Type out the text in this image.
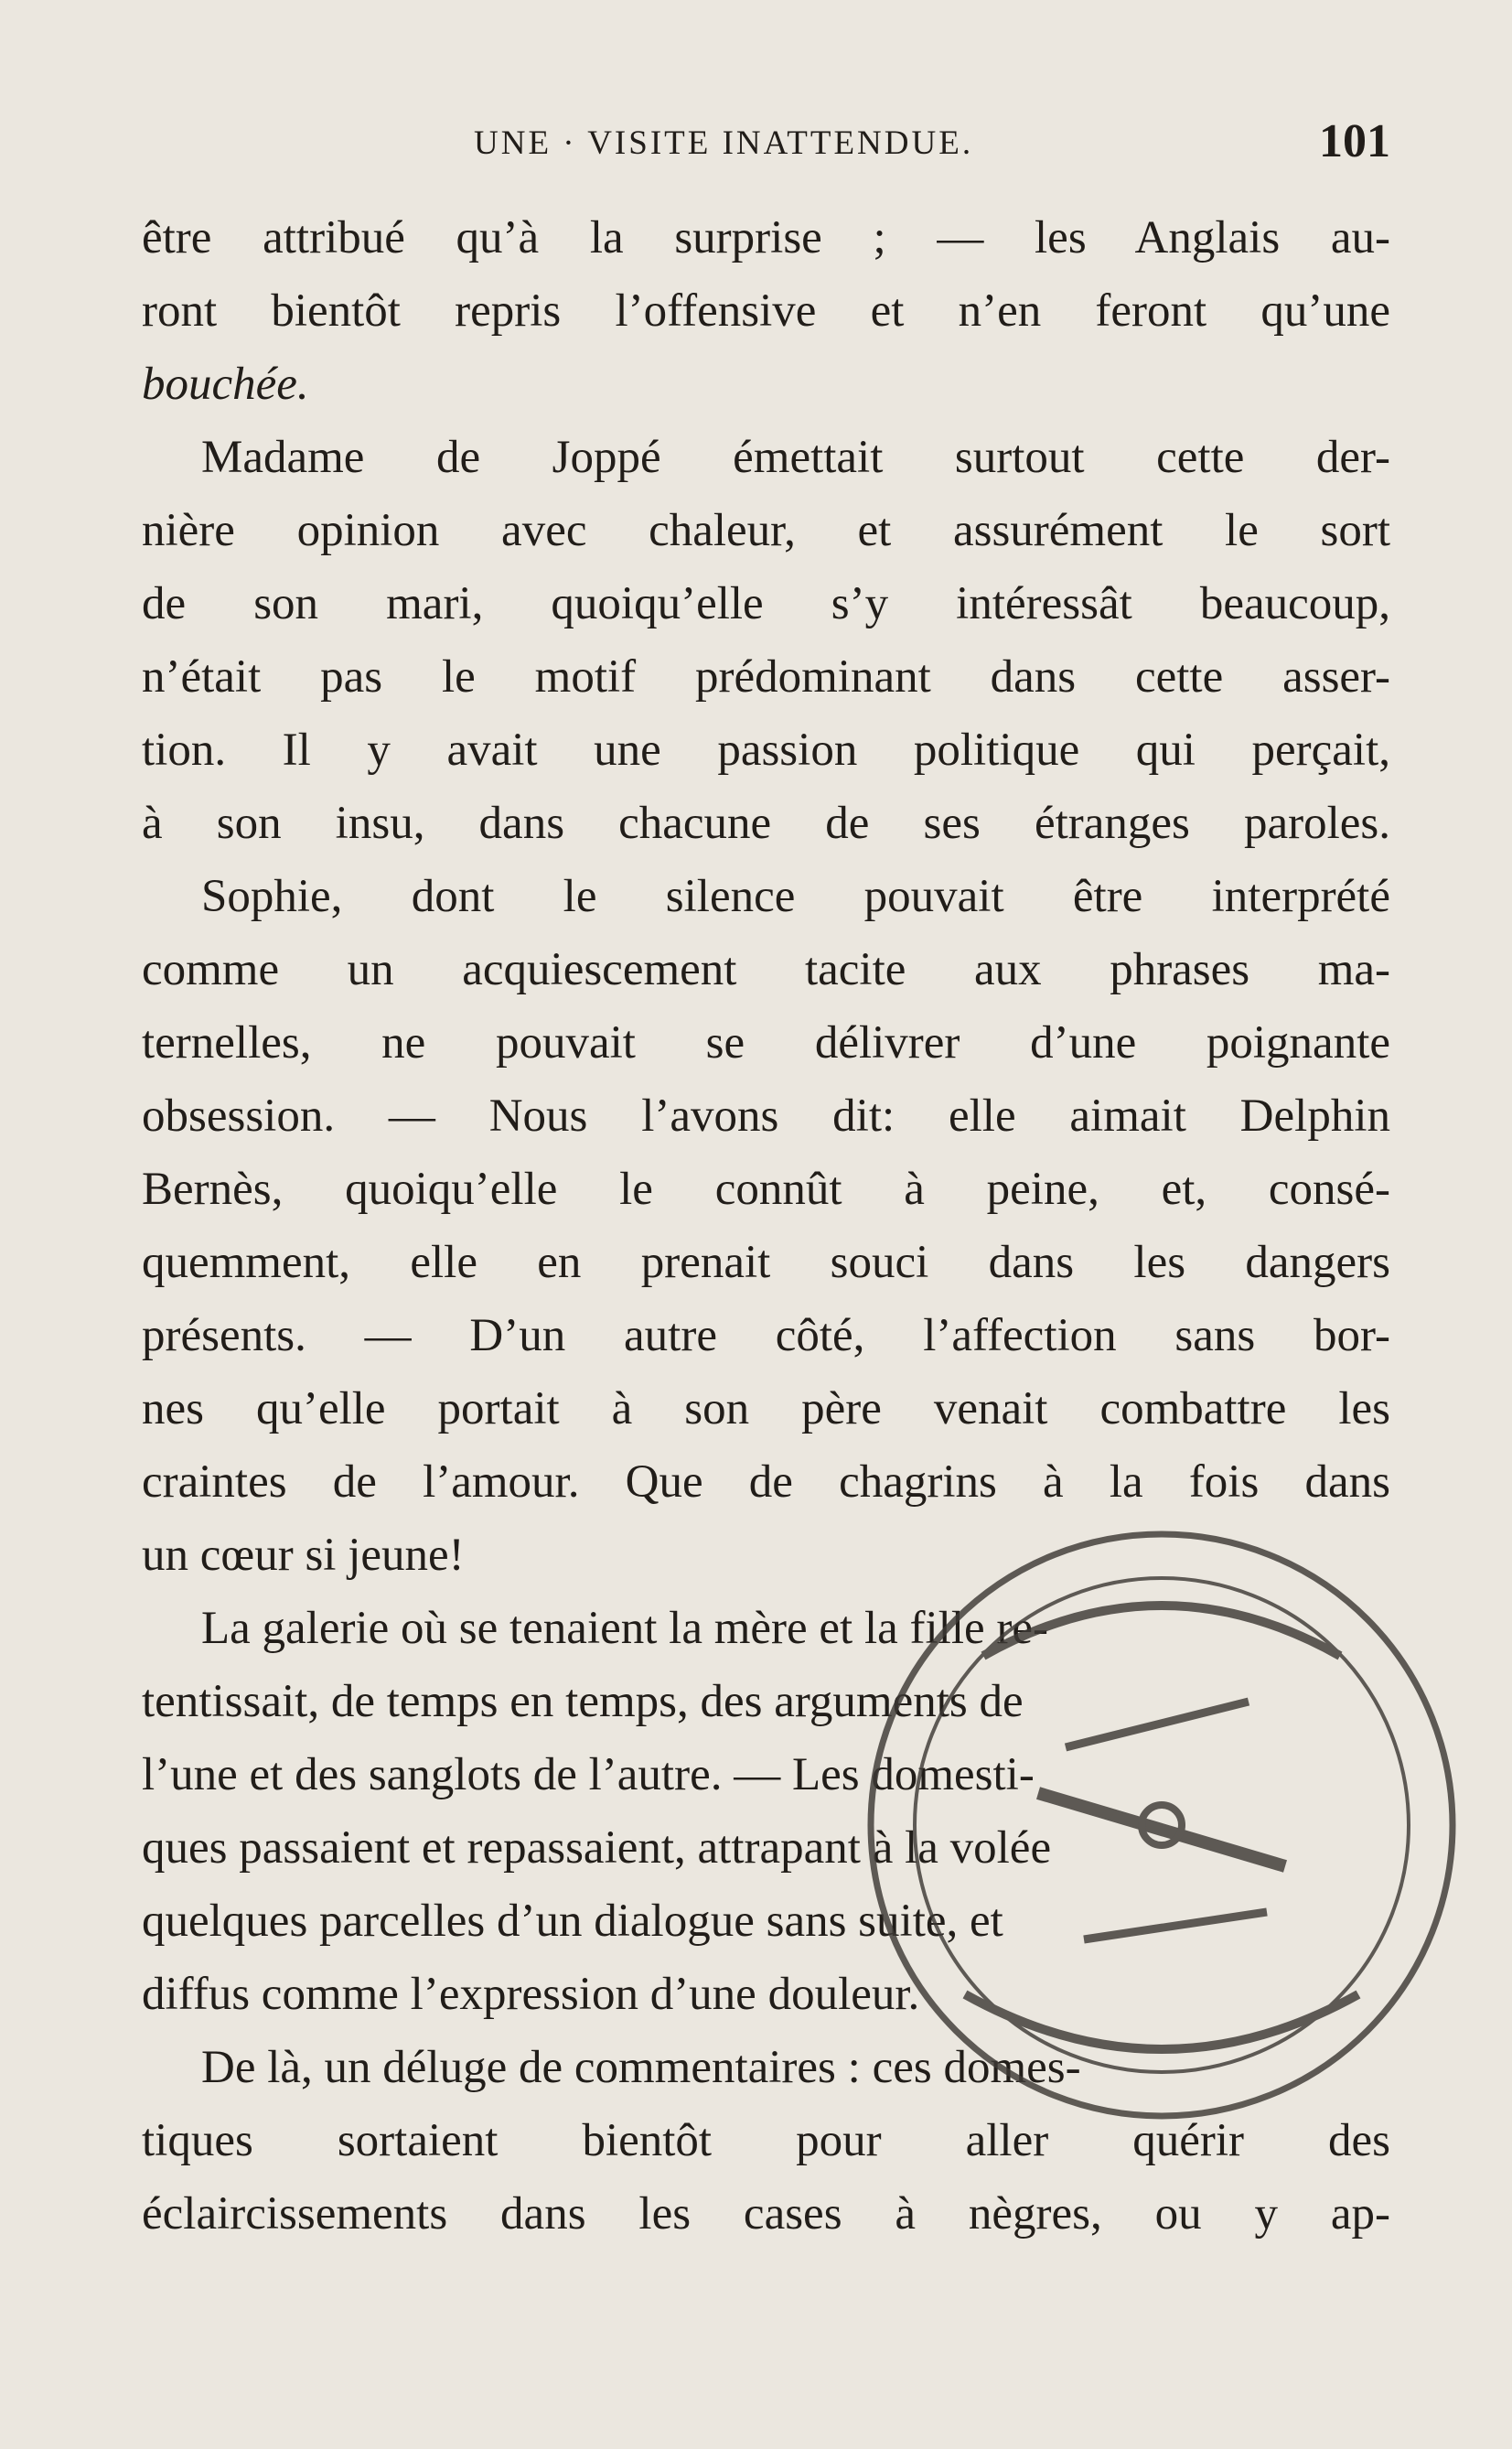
UNE · VISITE INATTENDUE.	101
être attribué qu’à la surprise ; — les Anglais au-
ront bientôt repris l’offensive et n’en feront qu’une
bouchée.
Madame de Joppé émettait surtout cette der-
nière opinion avec chaleur, et assurément le sort
de son mari, quoiqu’elle s’y intéressât beaucoup,
n’était pas le motif prédominant dans cette asser-
tion. Il y avait une passion politique qui perçait,
à son insu, dans chacune de ses étranges paroles.
Sophie, dont le silence pouvait être interprété
comme un acquiescement tacite aux phrases ma-
ternelles, ne pouvait se délivrer d’une poignante
obsession. — Nous l’avons dit: elle aimait Delphin
Bernès, quoiqu’elle le connût à peine, et, consé-
quemment, elle en prenait souci dans les dangers
présents. — D’un autre côté, l’affection sans bor-
nes qu’elle portait à son père venait combattre les
craintes de l’amour. Que de chagrins à la fois dans
un cœur si jeune!
La galerie où se tenaient la mère et la fille re-
tentissait, de temps en temps, des arguments de
l’une et des sanglots de l’autre. — Les domesti-
ques passaient et repassaient, attrapant à la volée
quelques parcelles d’un dialogue sans suite, et
diffus comme l’expression d’une douleur.
De là, un déluge de commentaires : ces domes-
tiques sortaient bientôt pour aller quérir des
éclaircissements dans les cases à nègres, ou y ap-
